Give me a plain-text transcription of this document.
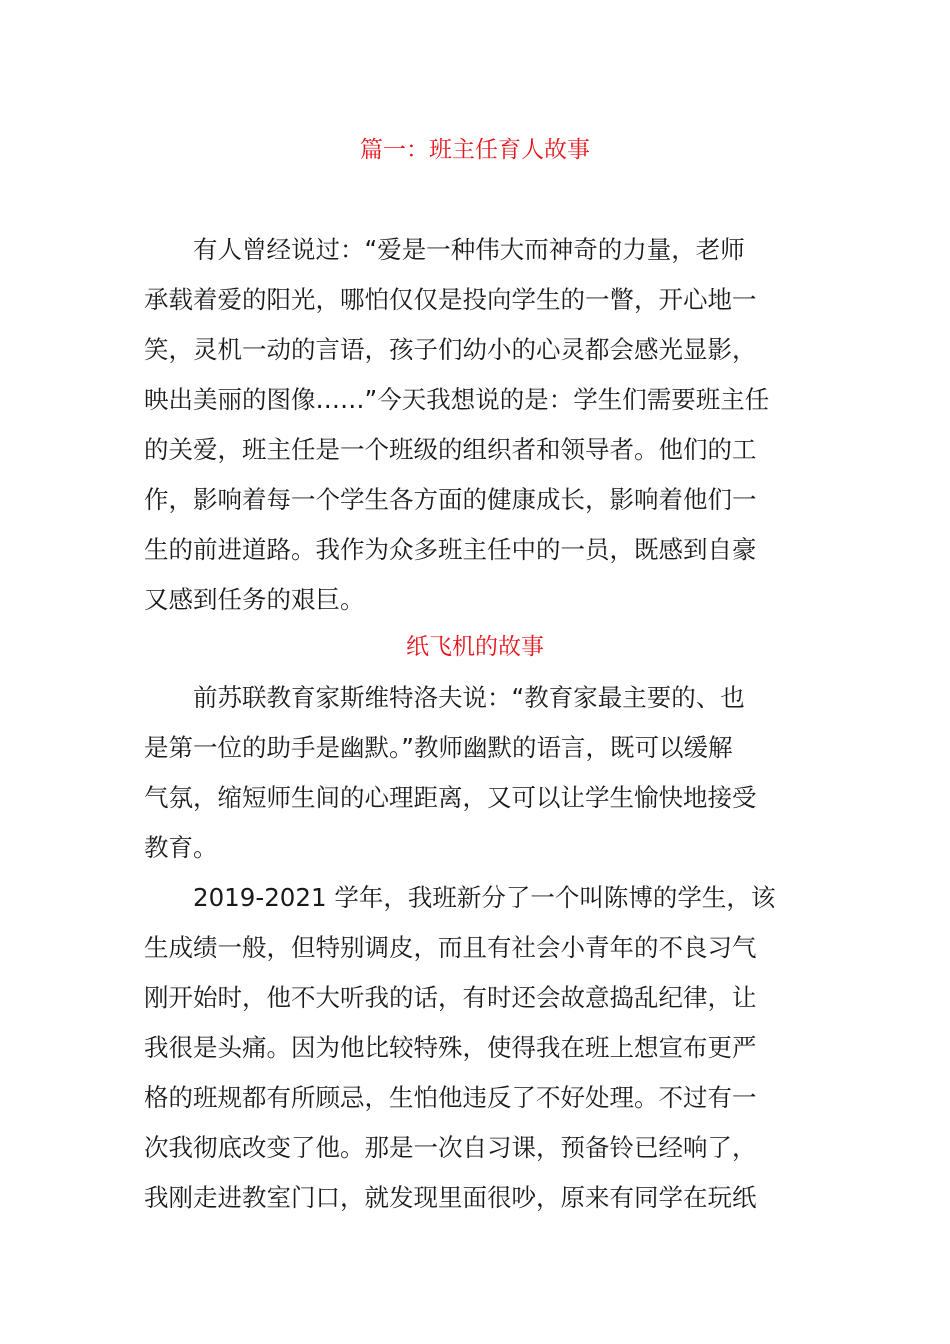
篇一：班主任育人故事
有人曾经说过：“爱是一种伟大而神奇的力量，老师
承载着爱的阳光，哪怕仅仅是投向学生的一瞥，开心地一
笑，灵机一动的言语，孩子们幼小的心灵都会感光显影，
映出美丽的图像……”今天我想说的是：学生们需要班主任
的关爱，班主任是一个班级的组织者和领导者。他们的工
作，影响着每一个学生各方面的健康成长，影响着他们一
生的前进道路。我作为众多班主任中的一员，既感到自豪
又感到任务的艰巨。
纸飞机的故事
前苏联教育家斯维特洛夫说：“教育家最主要的、也
是第一位的助手是幽默。”教师幽默的语言，既可以缓解
气氛，缩短师生间的心理距离，又可以让学生愉快地接受
教育。
2019-2021 学年，我班新分了一个叫陈博的学生，该
生成绩一般，但特别调皮，而且有社会小青年的不良习气
刚开始时，他不大听我的话，有时还会故意捣乱纪律，让
我很是头痛。因为他比较特殊，使得我在班上想宣布更严
格的班规都有所顾忌，生怕他违反了不好处理。不过有一
次我彻底改变了他。那是一次自习课，预备铃已经响了，
我刚走进教室门口，就发现里面很吵，原来有同学在玩纸
